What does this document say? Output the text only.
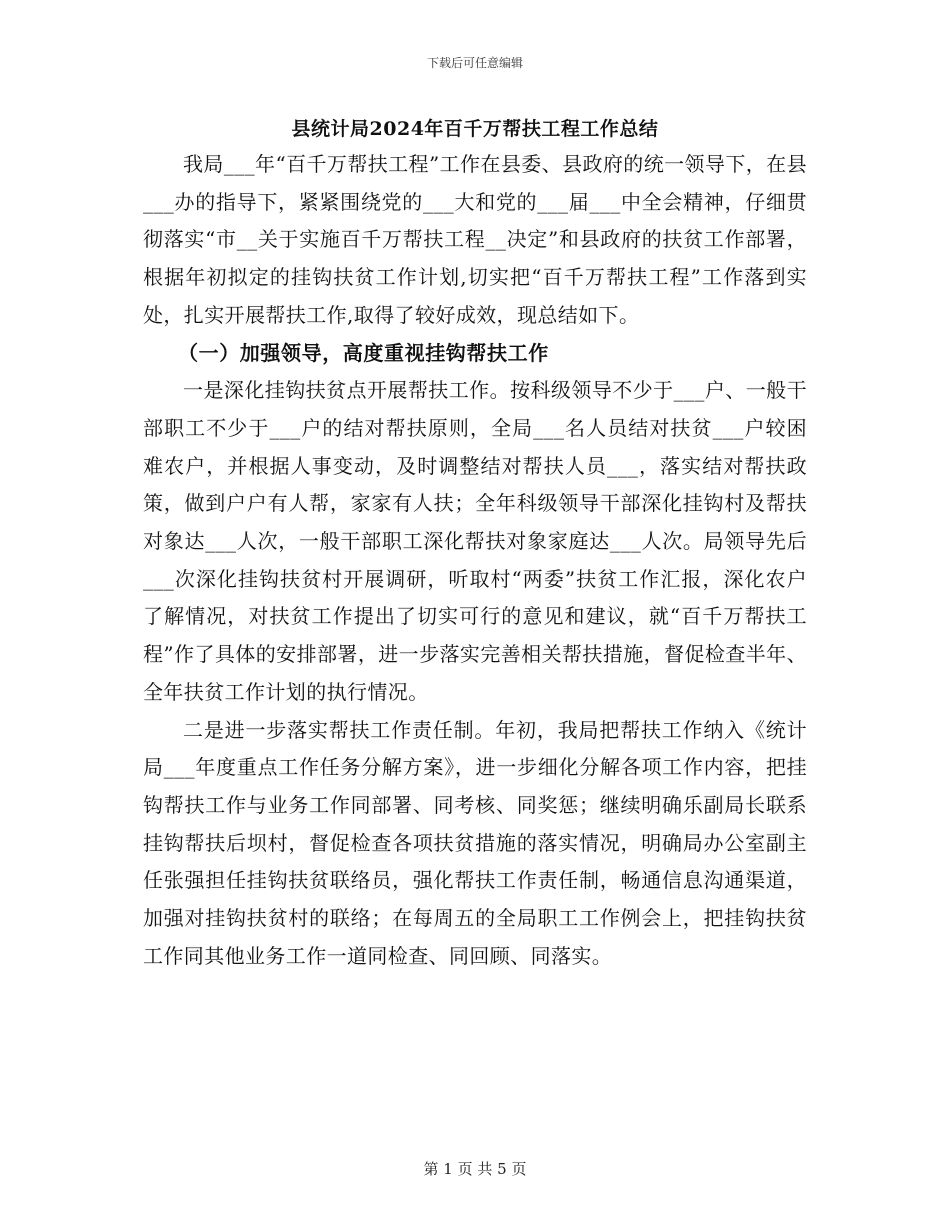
下载后可任意编辑
县统计局2024年百千万帮扶工程工作总结

我局___年“百千万帮扶工程”工作在县委、县政府的统一领导下，在县___办的指导下，紧紧围绕党的___大和党的___届___中全会精神，仔细贯彻落实“市__关于实施百千万帮扶工程__决定”和县政府的扶贫工作部署，根据年初拟定的挂钩扶贫工作计划,切实把“百千万帮扶工程”工作落到实处，扎实开展帮扶工作,取得了较好成效，现总结如下。

（一）加强领导，高度重视挂钩帮扶工作

一是深化挂钩扶贫点开展帮扶工作。按科级领导不少于___户、一般干部职工不少于___户的结对帮扶原则，全局___名人员结对扶贫___户较困难农户，并根据人事变动，及时调整结对帮扶人员___，落实结对帮扶政策，做到户户有人帮，家家有人扶；全年科级领导干部深化挂钩村及帮扶对象达___人次，一般干部职工深化帮扶对象家庭达___人次。局领导先后___次深化挂钩扶贫村开展调研，听取村“两委”扶贫工作汇报，深化农户了解情况，对扶贫工作提出了切实可行的意见和建议，就“百千万帮扶工程”作了具体的安排部署，进一步落实完善相关帮扶措施，督促检查半年、全年扶贫工作计划的执行情况。

二是进一步落实帮扶工作责任制。年初，我局把帮扶工作纳入《统计局___年度重点工作任务分解方案》，进一步细化分解各项工作内容，把挂钩帮扶工作与业务工作同部署、同考核、同奖惩；继续明确乐副局长联系挂钩帮扶后坝村，督促检查各项扶贫措施的落实情况，明确局办公室副主任张强担任挂钩扶贫联络员，强化帮扶工作责任制，畅通信息沟通渠道，加强对挂钩扶贫村的联络；在每周五的全局职工工作例会上，把挂钩扶贫工作同其他业务工作一道同检查、同回顾、同落实。

第 1 页 共 5 页
